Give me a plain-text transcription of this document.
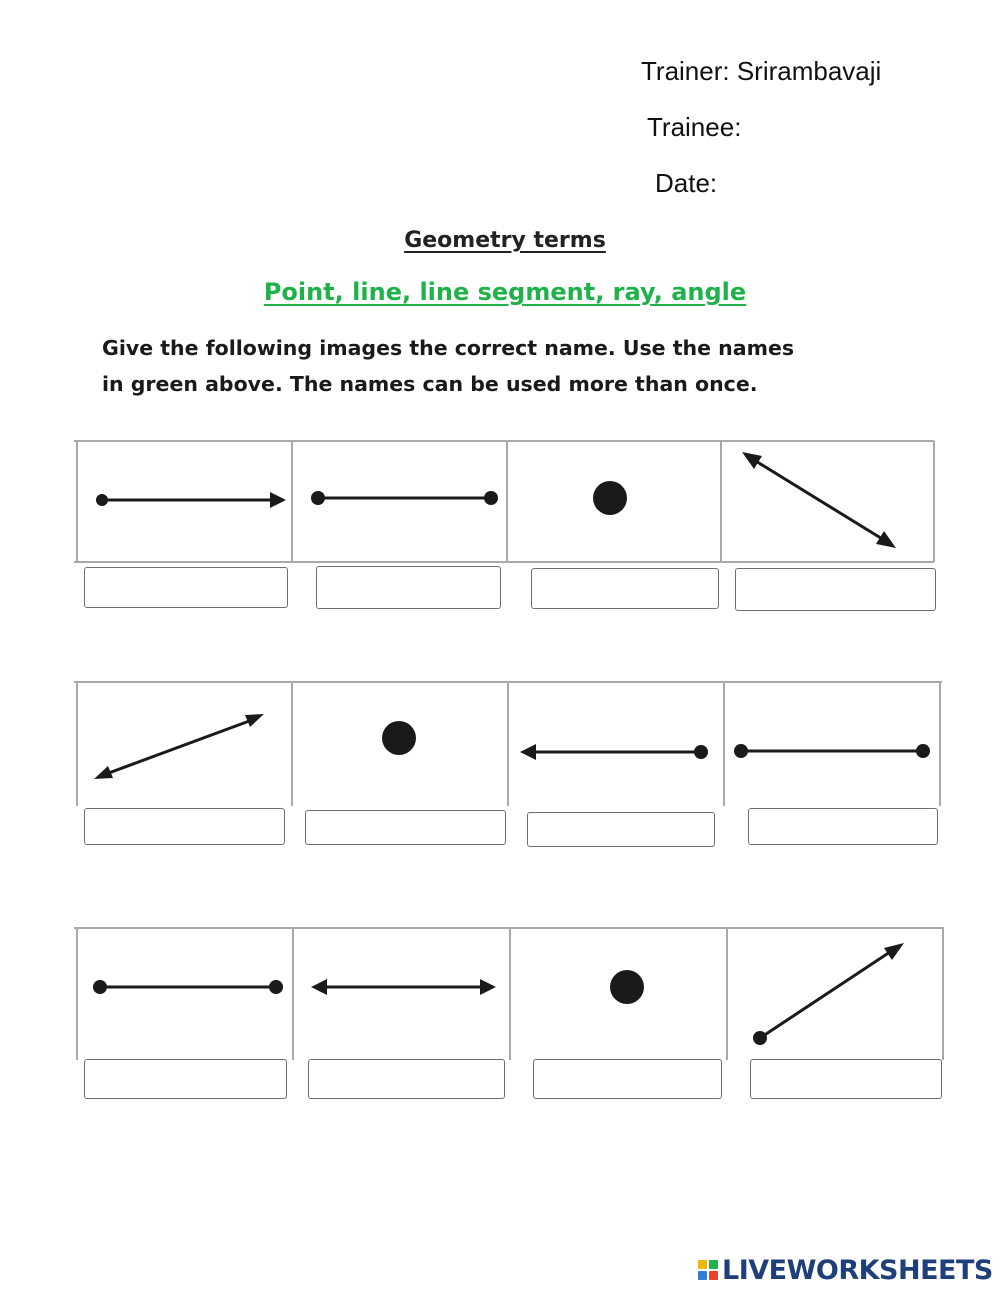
Trainer: Srirambavaji
Trainee:
Date:
Geometry terms
Point, line, line segment, ray, angle
Give the following images the correct name. Use the names
in green above. The names can be used more than once.
LIVEWORKSHEETS
